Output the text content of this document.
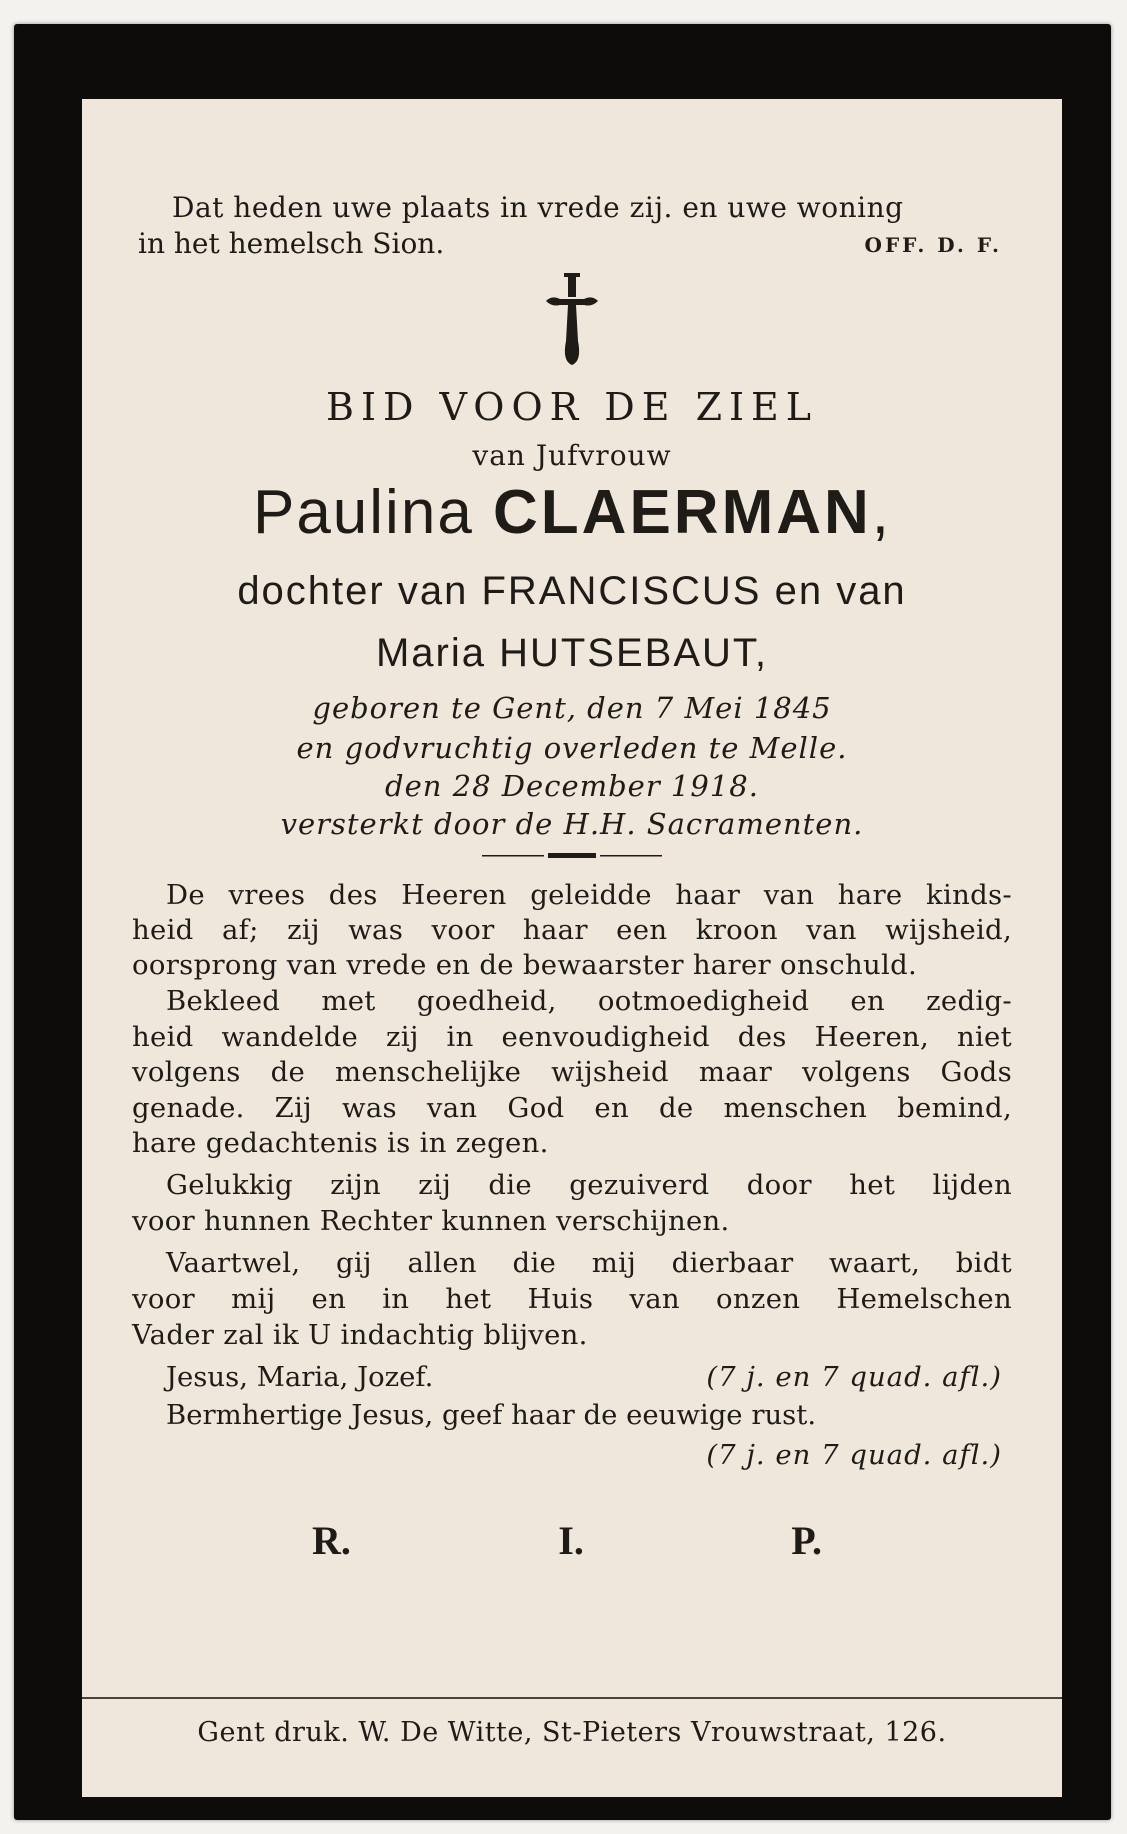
Dat heden uwe plaats in vrede zij. en uwe woning
in het hemelsch Sion.	OFF. D. F.
BID VOOR DE ZIEL
van Jufvrouw
Paulina CLAERMAN,
dochter van FRANCISCUS en van
Maria HUTSEBAUT,
geboren te Gent, den 7 Mei 1845
en godvruchtig overleden te Melle.
den 28 December 1918.
versterkt door de H.H. Sacramenten.
De vrees des Heeren geleidde haar van hare kinds-
heid af; zij was voor haar een kroon van wijsheid,
oorsprong van vrede en de bewaarster harer onschuld.
Bekleed met goedheid, ootmoedigheid en zedig-
heid wandelde zij in eenvoudigheid des Heeren, niet
volgens de menschelijke wijsheid maar volgens Gods
genade. Zij was van God en de menschen bemind,
hare gedachtenis is in zegen.
Gelukkig zijn zij die gezuiverd door het lijden
voor hunnen Rechter kunnen verschijnen.
Vaartwel, gij allen die mij dierbaar waart, bidt
voor mij en in het Huis van onzen Hemelschen
Vader zal ik U indachtig blijven.
Jesus, Maria, Jozef.	(7 j. en 7 quad. afl.)
Bermhertige Jesus, geef haar de eeuwige rust.
(7 j. en 7 quad. afl.)
R.	I.	P.
Gent druk. W. De Witte, St-Pieters Vrouwstraat, 126.
